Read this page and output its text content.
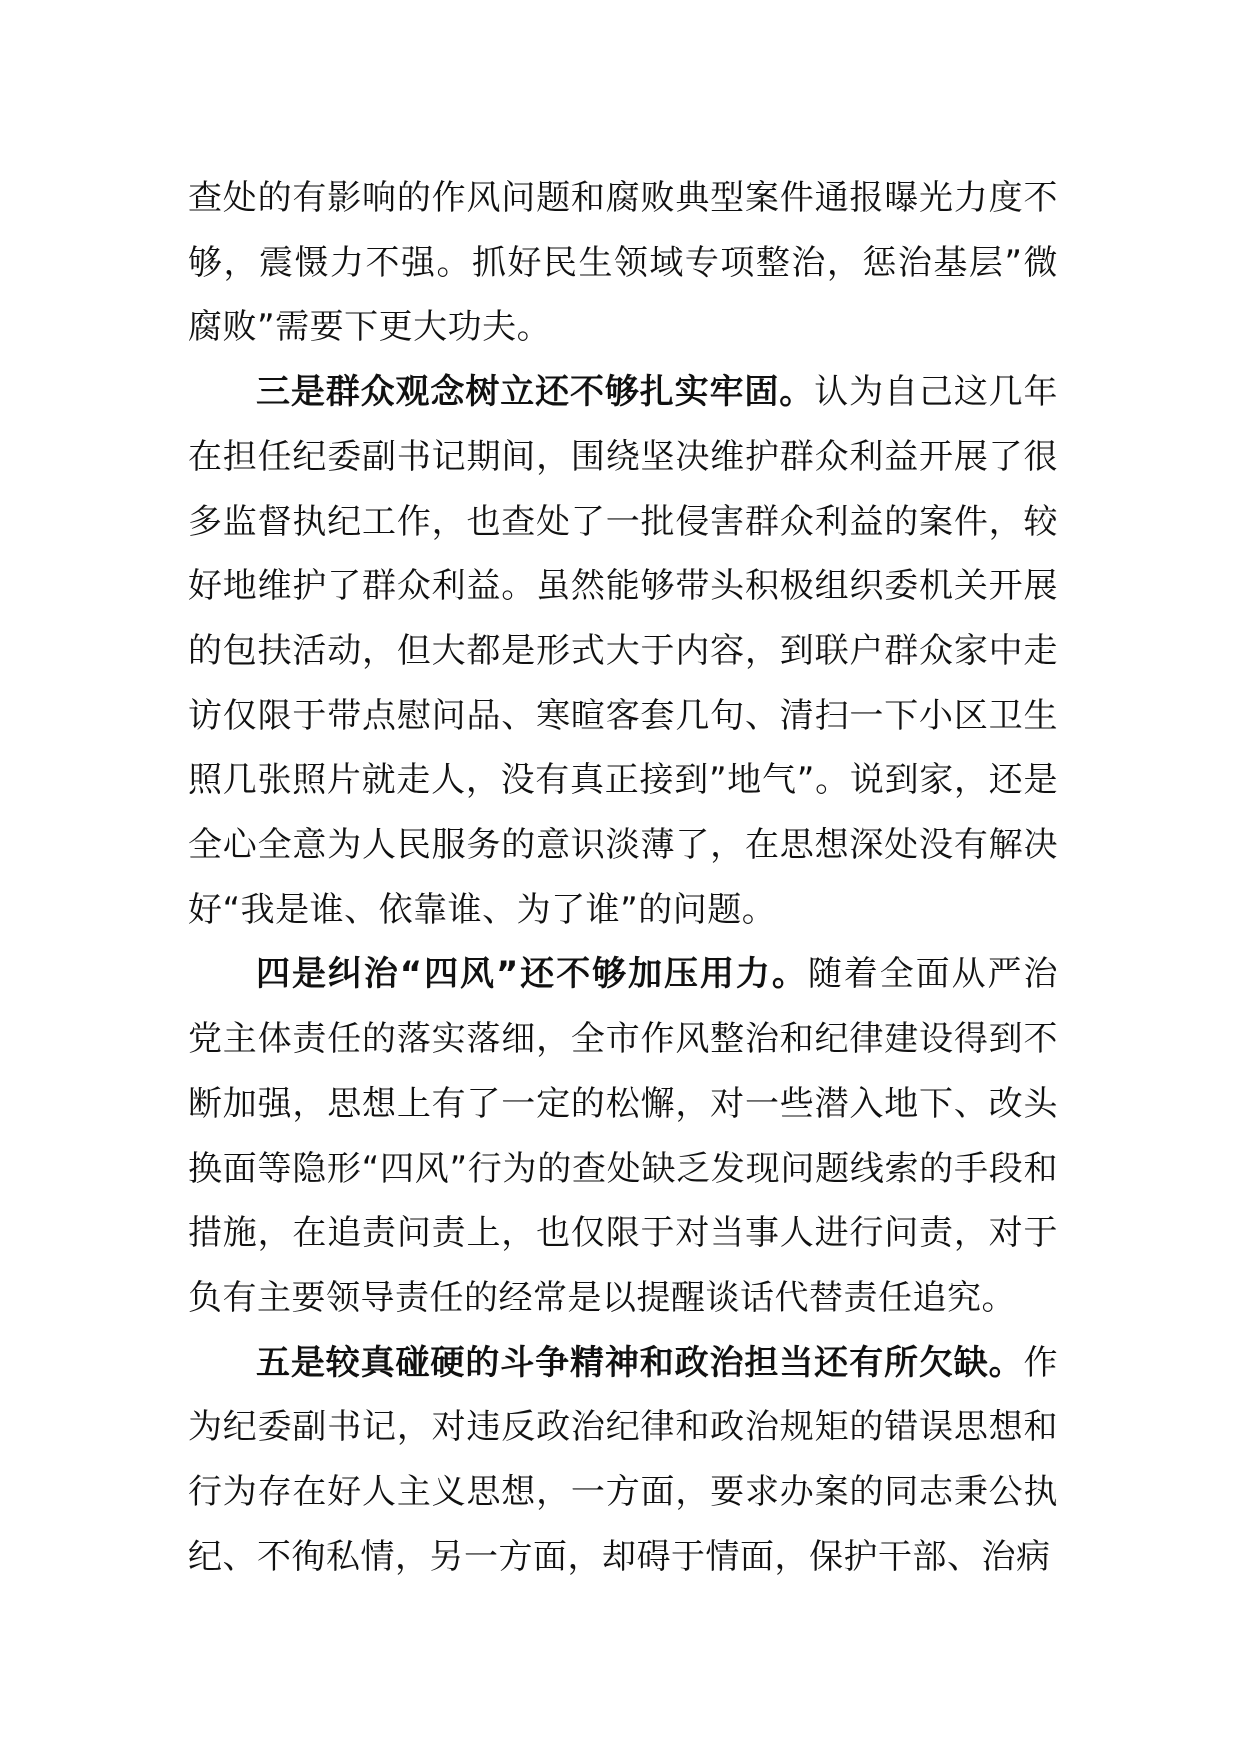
查处的有影响的作风问题和腐败典型案件通报曝光力度不够，震慑力不强。抓好民生领域专项整治，惩治基层”微腐败”需要下更大功夫。

三是群众观念树立还不够扎实牢固。认为自己这几年在担任纪委副书记期间，围绕坚决维护群众利益开展了很多监督执纪工作，也查处了一批侵害群众利益的案件，较好地维护了群众利益。虽然能够带头积极组织委机关开展的包扶活动，但大都是形式大于内容，到联户群众家中走访仅限于带点慰问品、寒暄客套几句、清扫一下小区卫生照几张照片就走人，没有真正接到”地气”。说到家，还是全心全意为人民服务的意识淡薄了，在思想深处没有解决好“我是谁、依靠谁、为了谁”的问题。

四是纠治“四风”还不够加压用力。随着全面从严治党主体责任的落实落细，全市作风整治和纪律建设得到不断加强，思想上有了一定的松懈，对一些潜入地下、改头换面等隐形“四风”行为的查处缺乏发现问题线索的手段和措施，在追责问责上，也仅限于对当事人进行问责，对于负有主要领导责任的经常是以提醒谈话代替责任追究。

五是较真碰硬的斗争精神和政治担当还有所欠缺。作为纪委副书记，对违反政治纪律和政治规矩的错误思想和行为存在好人主义思想，一方面，要求办案的同志秉公执纪、不徇私情，另一方面，却碍于情面，保护干部、治病
